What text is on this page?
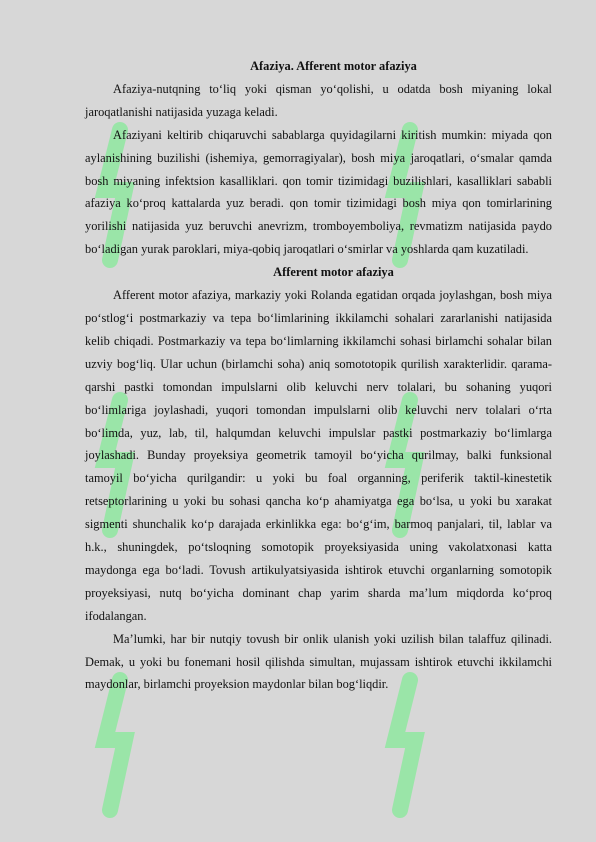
Afaziya. Afferent motor afaziya

Afaziya-nutqning to‘liq yoki qisman yo‘qolishi, u odatda bosh miyaning lokal jaroqatlanishi natijasida yuzaga keladi.

Afaziyani keltirib chiqaruvchi sabablarga quyidagilarni kiritish mumkin: miyada qon aylanishining buzilishi (ishemiya, gemorragiyalar), bosh miya jaroqatlari, o‘smalar qamda bosh miyaning infektsion kasalliklari. qon tomir tizimidagi buzilishlari, kasalliklari sababli afaziya ko‘proq kattalarda yuz beradi. qon tomir tizimidagi bosh miya qon tomirlarining yorilishi natijasida yuz beruvchi anevrizm, tromboyemboliya, revmatizm natijasida paydo bo‘ladigan yurak paroklari, miya-qobiq jaroqatlari o‘smirlar va yoshlarda qam kuzatiladi.

Afferent motor afaziya

Afferent motor afaziya, markaziy yoki Rolanda egatidan orqada joylashgan, bosh miya po‘stlog‘i postmarkaziy va tepa bo‘limlarining ikkilamchi sohalari zararlanishi natijasida kelib chiqadi. Postmarkaziy va tepa bo‘limlarning ikkilamchi sohasi birlamchi sohalar bilan uzviy bog‘liq. Ular uchun (birlamchi soha) aniq somototopik qurilish xarakterlidir. qarama-qarshi pastki tomondan impulslarni olib keluvchi nerv tolalari, bu sohaning yuqori bo‘limlariga joylashadi, yuqori tomondan impulslarni olib keluvchi nerv tolalari o‘rta bo‘limda, yuz, lab, til, halqumdan keluvchi impulslar pastki postmarkaziy bo‘limlarga joylashadi. Bunday proyeksiya geometrik tamoyil bo‘yicha qurilmay, balki funksional tamoyil bo‘yicha qurilgandir: u yoki bu foal organning, periferik taktil-kinestetik retseptorlarining u yoki bu sohasi qancha ko‘p ahamiyatga ega bo‘lsa, u yoki bu xarakat sigmenti shunchalik ko‘p darajada erkinlikka ega: bo‘g‘im, barmoq panjalari, til, lablar va h.k., shuningdek, po‘tsloqning somotopik proyeksiyasida uning vakolatxonasi katta maydonga ega bo‘ladi. Tovush artikulyatsiyasida ishtirok etuvchi organlarning somotopik proyeksiyasi, nutq bo‘yicha dominant chap yarim sharda ma’lum miqdorda ko‘proq ifodalangan.

Ma’lumki, har bir nutqiy tovush bir onlik ulanish yoki uzilish bilan talaffuz qilinadi. Demak, u yoki bu fonemani hosil qilishda simultan, mujassam ishtirok etuvchi ikkilamchi maydonlar, birlamchi proyeksion maydonlar bilan bog‘liqdir.
